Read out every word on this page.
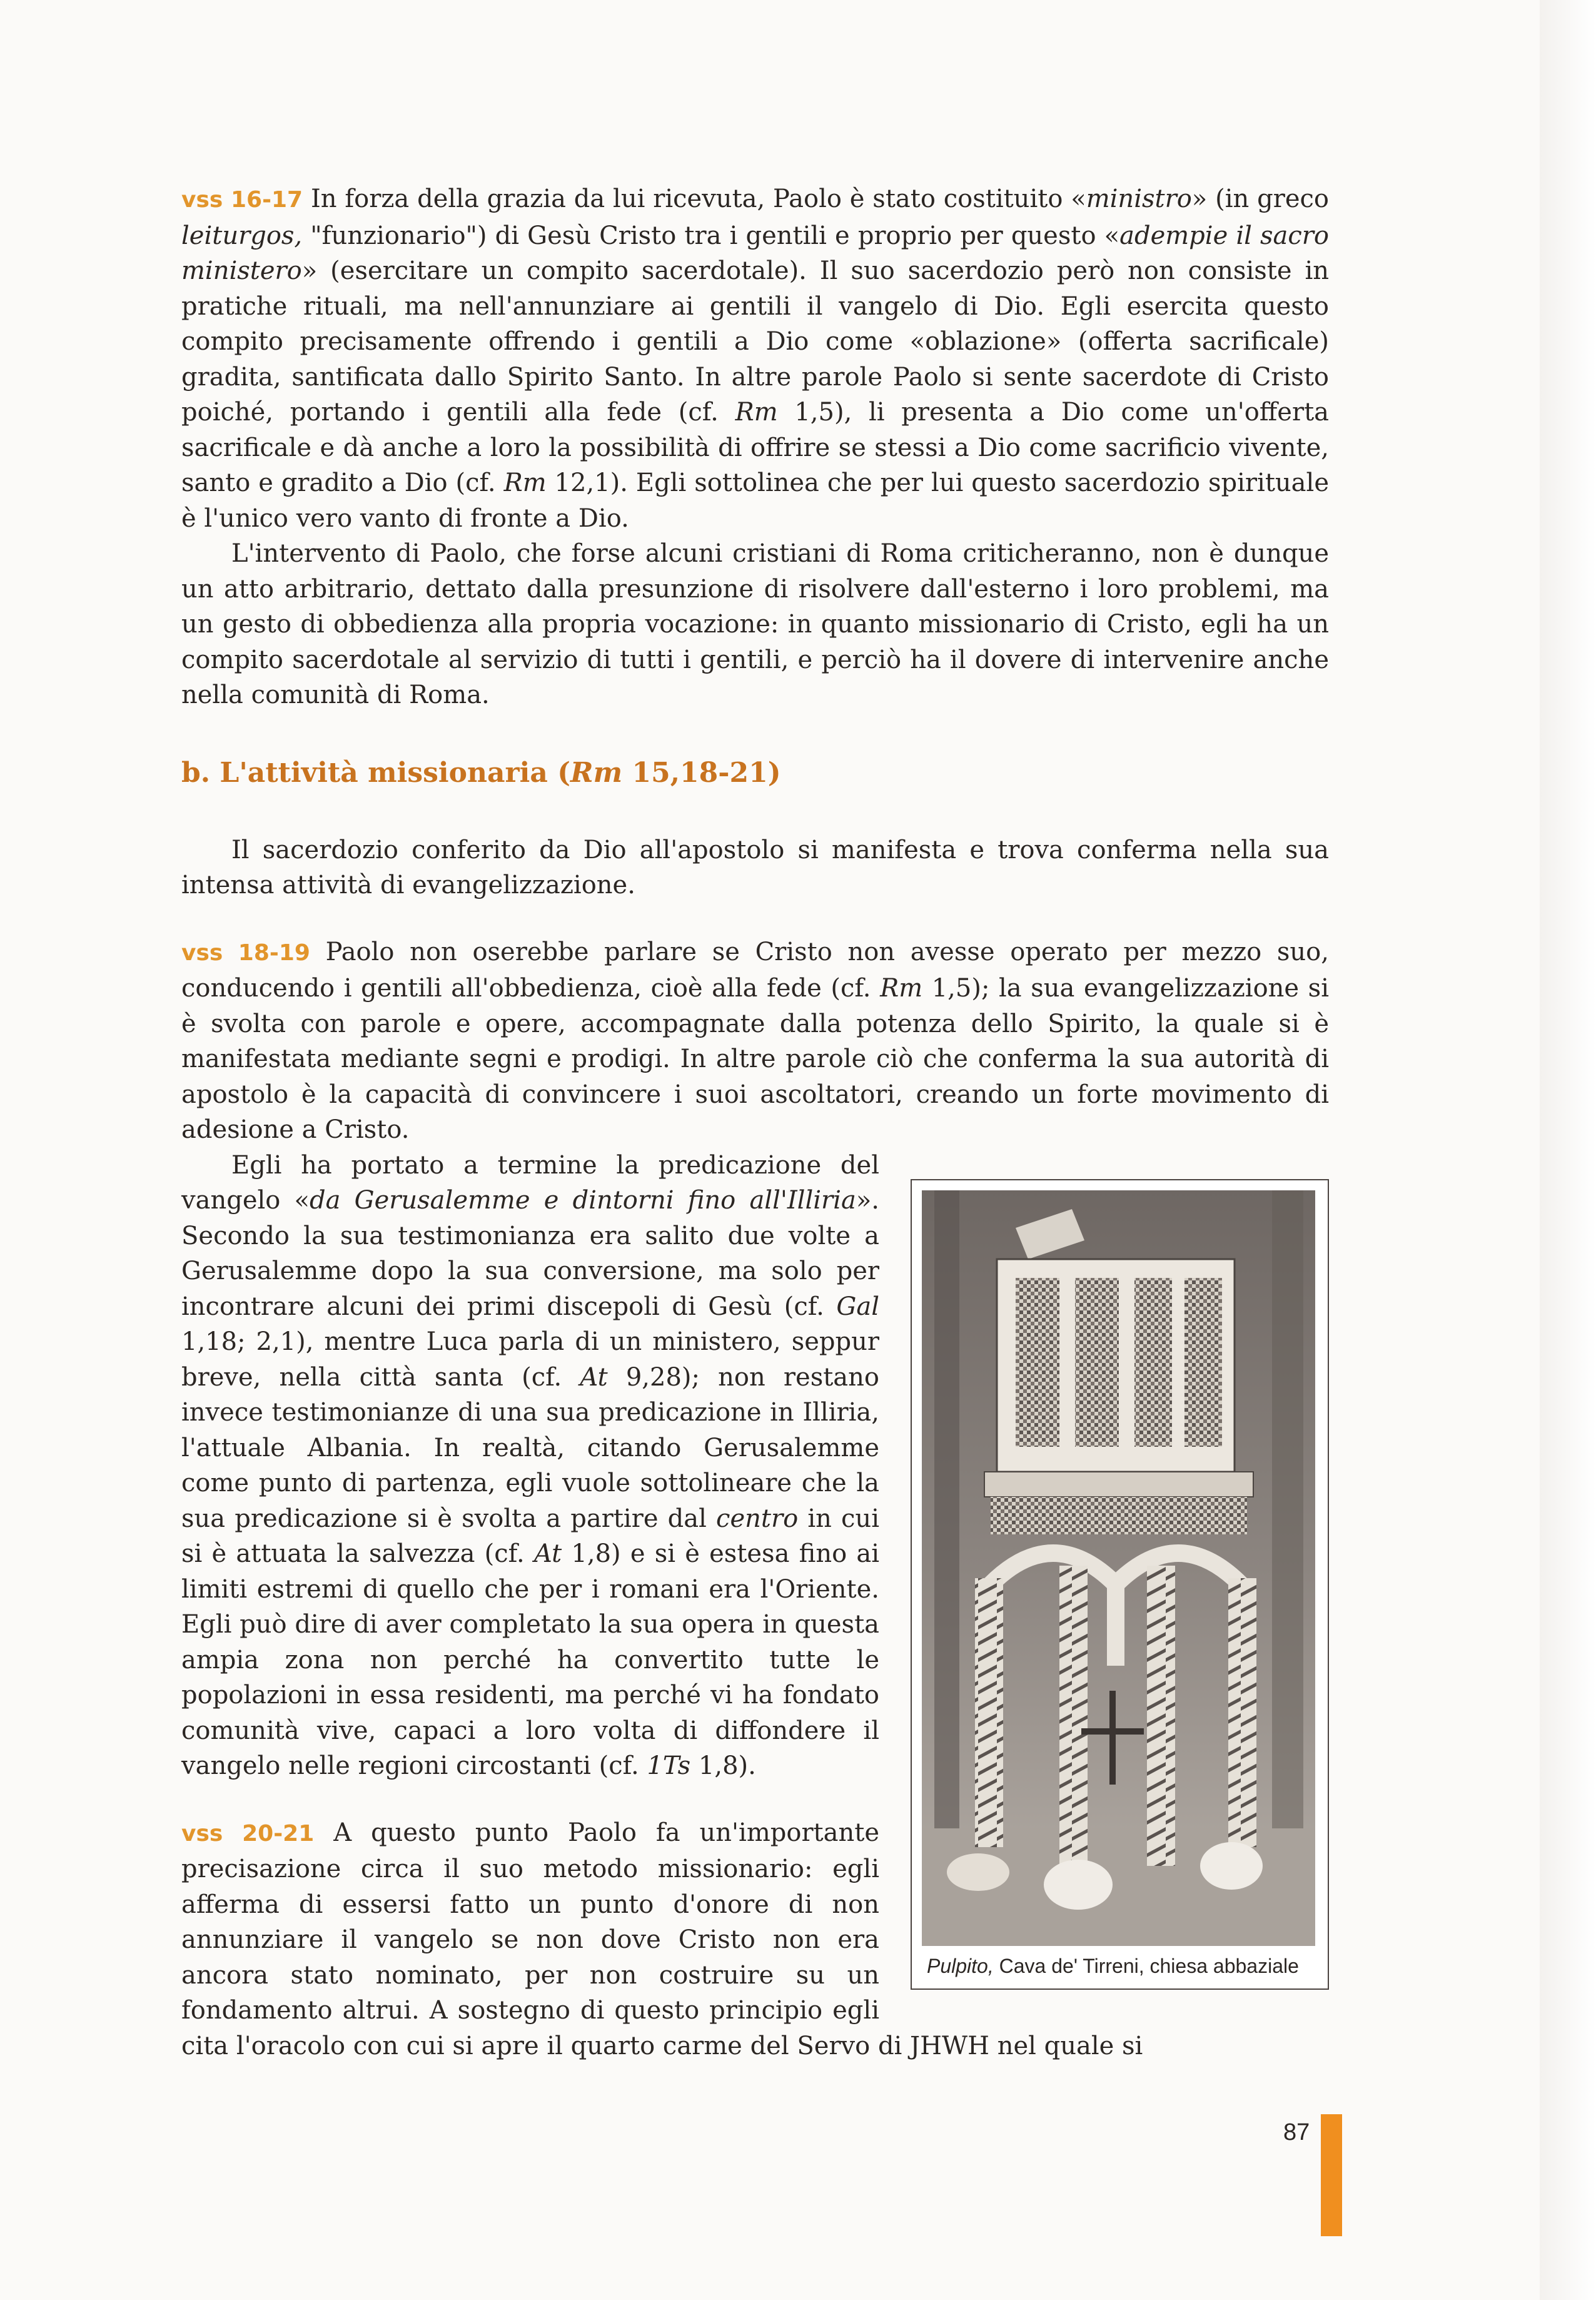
vss 16-17 In forza della grazia da lui ricevuta, Paolo è stato costituito «ministro» (in greco leiturgos, "funzionario") di Gesù Cristo tra i gentili e proprio per questo «adempie il sacro ministero» (esercitare un compito sacerdotale). Il suo sacerdozio però non consiste in pratiche rituali, ma nell'annunziare ai gentili il vangelo di Dio. Egli esercita questo compito precisamente offrendo i gentili a Dio come «oblazione» (offerta sacrificale) gradita, santificata dallo Spirito Santo. In altre parole Paolo si sente sacerdote di Cristo poiché, portando i gentili alla fede (cf. Rm 1,5), li presenta a Dio come un'offerta sacrificale e dà anche a loro la possibilità di offrire se stessi a Dio come sacrificio vivente, santo e gradito a Dio (cf. Rm 12,1). Egli sottolinea che per lui questo sacerdozio spirituale è l'unico vero vanto di fronte a Dio.

L'intervento di Paolo, che forse alcuni cristiani di Roma criticheranno, non è dunque un atto arbitrario, dettato dalla presunzione di risolvere dall'esterno i loro problemi, ma un gesto di obbedienza alla propria vocazione: in quanto missionario di Cristo, egli ha un compito sacerdotale al servizio di tutti i gentili, e perciò ha il dovere di intervenire anche nella comunità di Roma.

b. L'attività missionaria (Rm 15,18-21)

Il sacerdozio conferito da Dio all'apostolo si manifesta e trova conferma nella sua intensa attività di evangelizzazione.

vss 18-19 Paolo non oserebbe parlare se Cristo non avesse operato per mezzo suo, conducendo i gentili all'obbedienza, cioè alla fede (cf. Rm 1,5); la sua evangelizzazione si è svolta con parole e opere, accompagnate dalla potenza dello Spirito, la quale si è manifestata mediante segni e prodigi. In altre parole ciò che conferma la sua autorità di apostolo è la capacità di convincere i suoi ascoltatori, creando un forte movimento di adesione a Cristo.

Pulpito, Cava de' Tirreni, chiesa abbaziale

Egli ha portato a termine la predicazione del vangelo «da Gerusalemme e dintorni fino all'Illiria». Secondo la sua testimonianza era salito due volte a Gerusalemme dopo la sua conversione, ma solo per incontrare alcuni dei primi discepoli di Gesù (cf. Gal 1,18; 2,1), mentre Luca parla di un ministero, seppur breve, nella città santa (cf. At 9,28); non restano invece testimonianze di una sua predicazione in Illiria, l'attuale Albania. In realtà, citando Gerusalemme come punto di partenza, egli vuole sottolineare che la sua predicazione si è svolta a partire dal centro in cui si è attuata la salvezza (cf. At 1,8) e si è estesa fino ai limiti estremi di quello che per i romani era l'Oriente. Egli può dire di aver completato la sua opera in questa ampia zona non perché ha convertito tutte le popolazioni in essa residenti, ma perché vi ha fondato comunità vive, capaci a loro volta di diffondere il vangelo nelle regioni circostanti (cf. 1Ts 1,8).

vss 20-21 A questo punto Paolo fa un'importante precisazione circa il suo metodo missionario: egli afferma di essersi fatto un punto d'onore di non annunziare il vangelo se non dove Cristo non era ancora stato nominato, per non costruire su un fondamento altrui. A sostegno di questo principio egli cita l'oracolo con cui si apre il quarto carme del Servo di JHWH nel quale si

87
